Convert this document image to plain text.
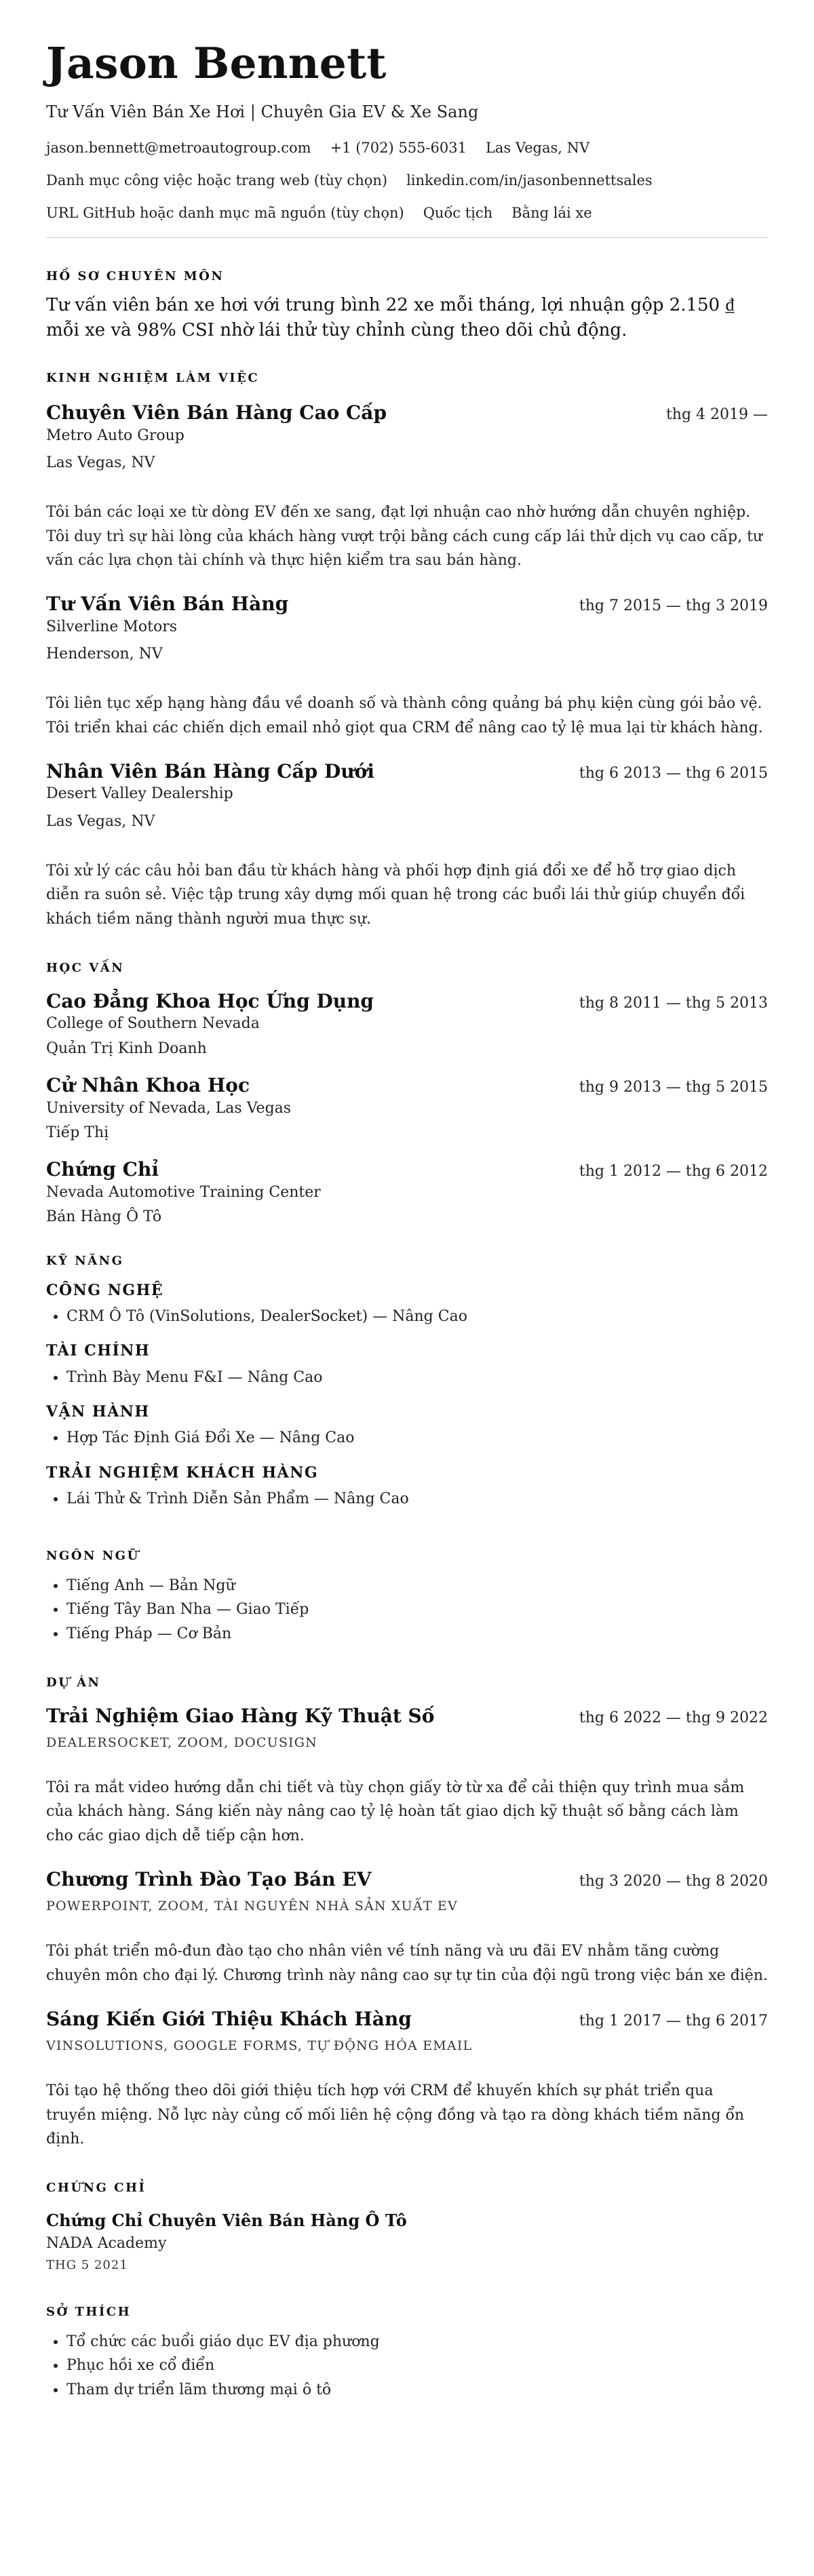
Jason Bennett
Tư Vấn Viên Bán Xe Hơi | Chuyên Gia EV & Xe Sang
jason.bennett@metroautogroup.com +1 (702) 555-6031 Las Vegas, NV
Danh mục công việc hoặc trang web (tùy chọn) linkedin.com/in/jasonbennettsales
URL GitHub hoặc danh mục mã nguồn (tùy chọn) Quốc tịch Bằng lái xe
HỒ SƠ CHUYÊN MÔN
Tư vấn viên bán xe hơi với trung bình 22 xe mỗi tháng, lợi nhuận gộp 2.150 ₫ mỗi xe và 98% CSI nhờ lái thử tùy chỉnh cùng theo dõi chủ động.
KINH NGHIỆM LÀM VIỆC
Chuyên Viên Bán Hàng Cao Cấp	thg 4 2019 —
Metro Auto Group
Las Vegas, NV
Tôi bán các loại xe từ dòng EV đến xe sang, đạt lợi nhuận cao nhờ hướng dẫn chuyên nghiệp. Tôi duy trì sự hài lòng của khách hàng vượt trội bằng cách cung cấp lái thử dịch vụ cao cấp, tư vấn các lựa chọn tài chính và thực hiện kiểm tra sau bán hàng.
Tư Vấn Viên Bán Hàng	thg 7 2015 — thg 3 2019
Silverline Motors
Henderson, NV
Tôi liên tục xếp hạng hàng đầu về doanh số và thành công quảng bá phụ kiện cùng gói bảo vệ. Tôi triển khai các chiến dịch email nhỏ giọt qua CRM để nâng cao tỷ lệ mua lại từ khách hàng.
Nhân Viên Bán Hàng Cấp Dưới	thg 6 2013 — thg 6 2015
Desert Valley Dealership
Las Vegas, NV
Tôi xử lý các câu hỏi ban đầu từ khách hàng và phối hợp định giá đổi xe để hỗ trợ giao dịch diễn ra suôn sẻ. Việc tập trung xây dựng mối quan hệ trong các buổi lái thử giúp chuyển đổi khách tiềm năng thành người mua thực sự.
HỌC VẤN
Cao Đẳng Khoa Học Ứng Dụng	thg 8 2011 — thg 5 2013
College of Southern Nevada
Quản Trị Kinh Doanh
Cử Nhân Khoa Học	thg 9 2013 — thg 5 2015
University of Nevada, Las Vegas
Tiếp Thị
Chứng Chỉ	thg 1 2012 — thg 6 2012
Nevada Automotive Training Center
Bán Hàng Ô Tô
KỸ NĂNG
CÔNG NGHỆ
• CRM Ô Tô (VinSolutions, DealerSocket) — Nâng Cao
TÀI CHÍNH
• Trình Bày Menu F&I — Nâng Cao
VẬN HÀNH
• Hợp Tác Định Giá Đổi Xe — Nâng Cao
TRẢI NGHIỆM KHÁCH HÀNG
• Lái Thử & Trình Diễn Sản Phẩm — Nâng Cao
NGÔN NGỮ
• Tiếng Anh — Bản Ngữ
• Tiếng Tây Ban Nha — Giao Tiếp
• Tiếng Pháp — Cơ Bản
DỰ ÁN
Trải Nghiệm Giao Hàng Kỹ Thuật Số	thg 6 2022 — thg 9 2022
DEALERSOCKET, ZOOM, DOCUSIGN
Tôi ra mắt video hướng dẫn chi tiết và tùy chọn giấy tờ từ xa để cải thiện quy trình mua sắm của khách hàng. Sáng kiến này nâng cao tỷ lệ hoàn tất giao dịch kỹ thuật số bằng cách làm cho các giao dịch dễ tiếp cận hơn.
Chương Trình Đào Tạo Bán EV	thg 3 2020 — thg 8 2020
POWERPOINT, ZOOM, TÀI NGUYÊN NHÀ SẢN XUẤT EV
Tôi phát triển mô-đun đào tạo cho nhân viên về tính năng và ưu đãi EV nhằm tăng cường chuyên môn cho đại lý. Chương trình này nâng cao sự tự tin của đội ngũ trong việc bán xe điện.
Sáng Kiến Giới Thiệu Khách Hàng	thg 1 2017 — thg 6 2017
VINSOLUTIONS, GOOGLE FORMS, TỰ ĐỘNG HÓA EMAIL
Tôi tạo hệ thống theo dõi giới thiệu tích hợp với CRM để khuyến khích sự phát triển qua truyền miệng. Nỗ lực này củng cố mối liên hệ cộng đồng và tạo ra dòng khách tiềm năng ổn định.
CHỨNG CHỈ
Chứng Chỉ Chuyên Viên Bán Hàng Ô Tô
NADA Academy
THG 5 2021
SỞ THÍCH
• Tổ chức các buổi giáo dục EV địa phương
• Phục hồi xe cổ điển
• Tham dự triển lãm thương mại ô tô
